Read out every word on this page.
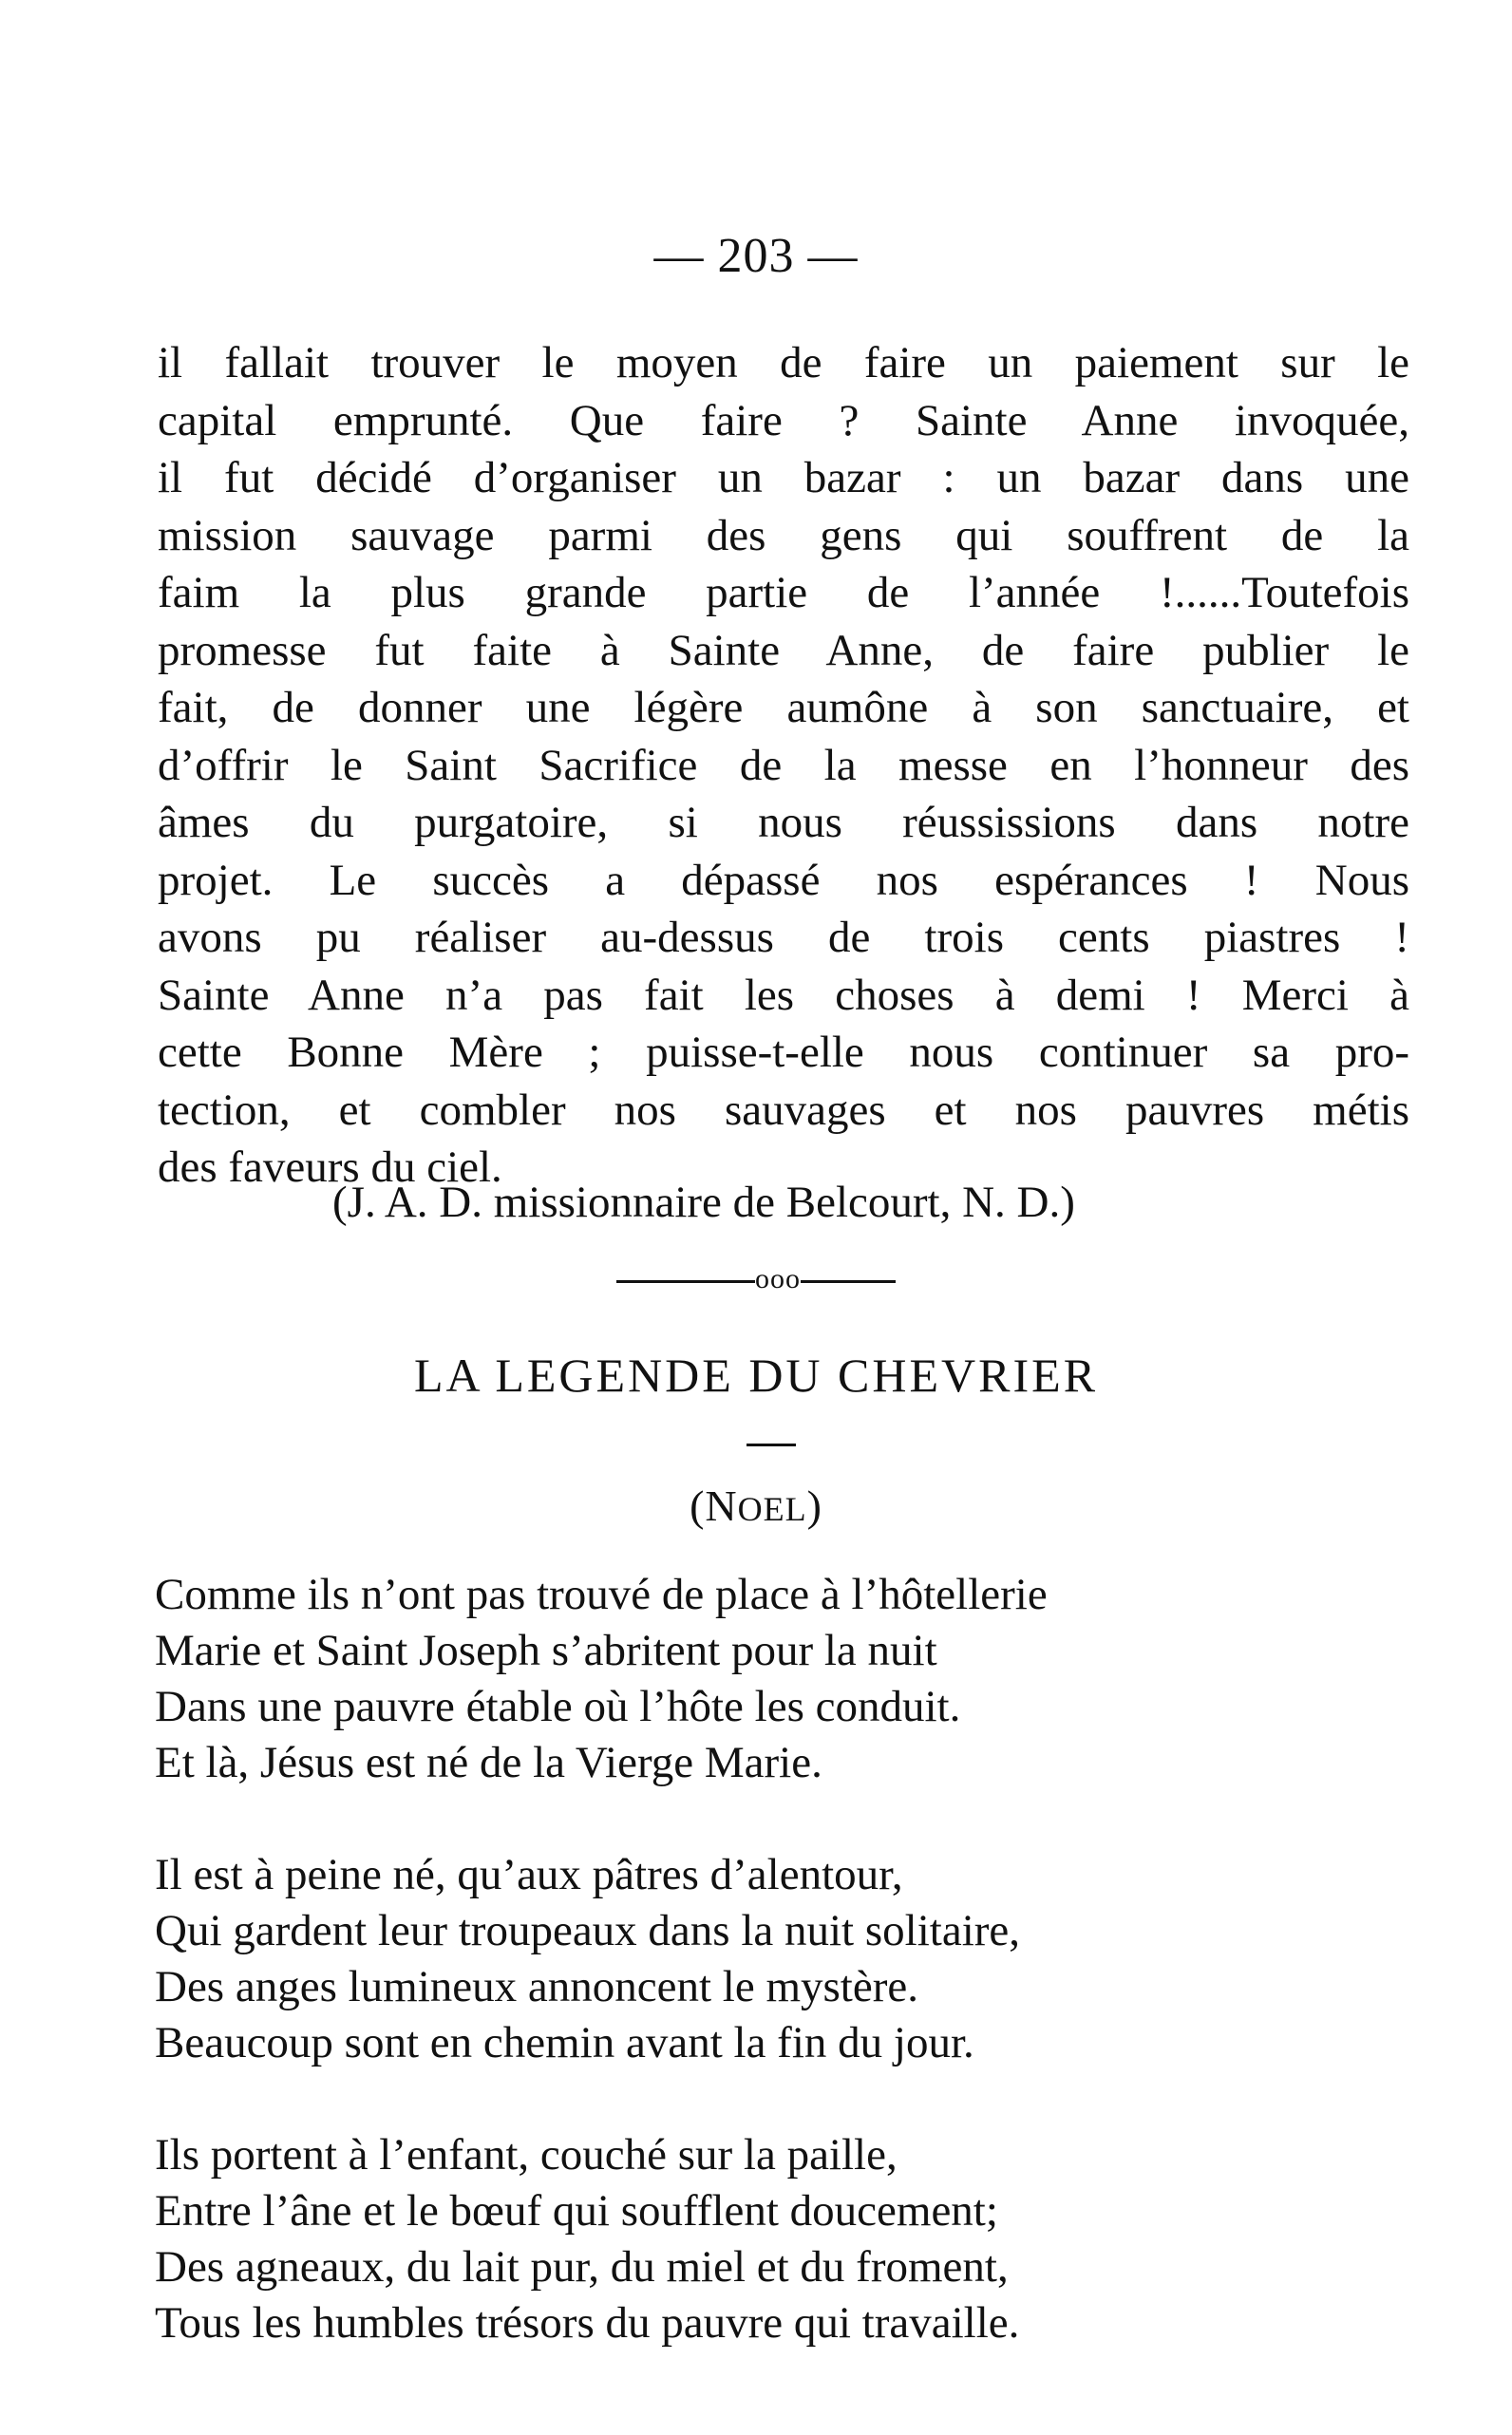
— 203 —
il fallait trouver le moyen de faire un paiement sur le
capital emprunté. Que faire ? Sainte Anne invoquée,
il fut décidé d’organiser un bazar : un bazar dans une
mission sauvage parmi des gens qui souffrent de la
faim la plus grande partie de l’année !......Toutefois
promesse fut faite à Sainte Anne, de faire publier le
fait, de donner une légère aumône à son sanctuaire, et
d’offrir le Saint Sacrifice de la messe en l’honneur des
âmes du purgatoire, si nous réussissions dans notre
projet. Le succès a dépassé nos espérances ! Nous
avons pu réaliser au-dessus de trois cents piastres !
Sainte Anne n’a pas fait les choses à demi ! Merci à
cette Bonne Mère ; puisse-t-elle nous continuer sa pro-
tection, et combler nos sauvages et nos pauvres métis
des faveurs du ciel.
(J. A. D. missionnaire de Belcourt, N. D.)
ooo
LA LEGENDE DU CHEVRIER
(NOEL)
Comme ils n’ont pas trouvé de place à l’hôtellerie
Marie et Saint Joseph s’abritent pour la nuit
Dans une pauvre étable où l’hôte les conduit.
Et là, Jésus est né de la Vierge Marie.
Il est à peine né, qu’aux pâtres d’alentour,
Qui gardent leur troupeaux dans la nuit solitaire,
Des anges lumineux annoncent le mystère.
Beaucoup sont en chemin avant la fin du jour.
Ils portent à l’enfant, couché sur la paille,
Entre l’âne et le bœuf qui soufflent doucement;
Des agneaux, du lait pur, du miel et du froment,
Tous les humbles trésors du pauvre qui travaille.
